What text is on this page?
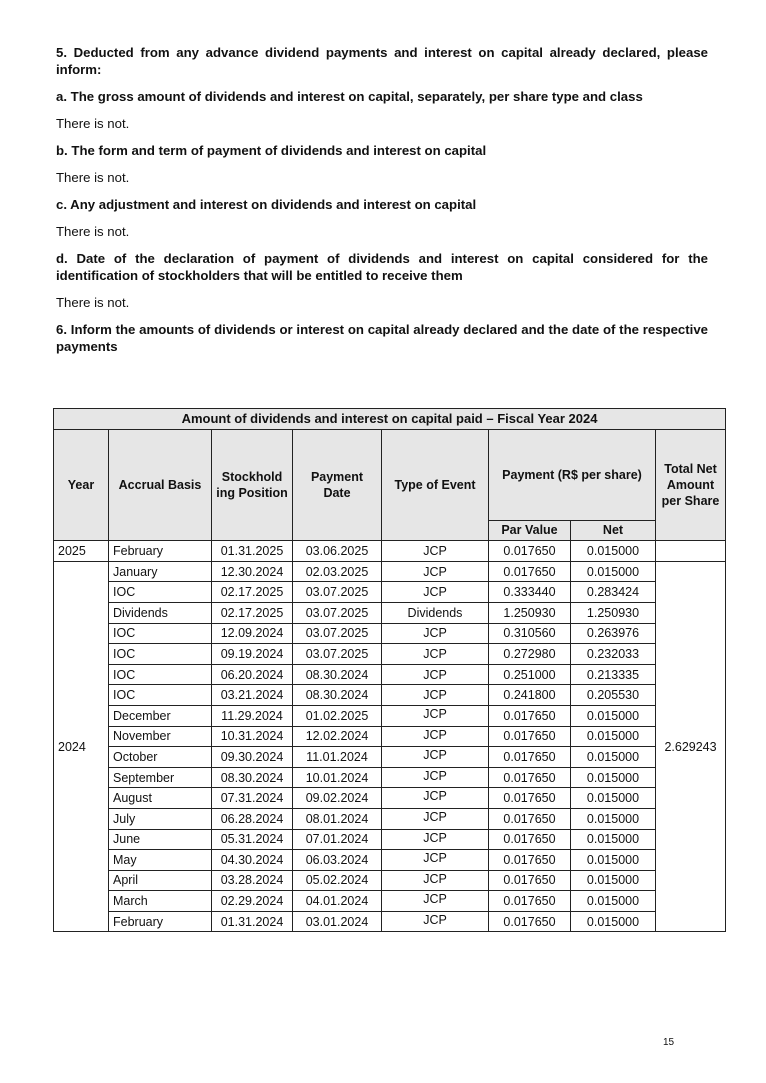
5. Deducted from any advance dividend payments and interest on capital already declared, please inform:

a. The gross amount of dividends and interest on capital, separately, per share type and class

There is not.

b. The form and term of payment of dividends and interest on capital

There is not.

c. Any adjustment and interest on dividends and interest on capital

There is not.

d. Date of the declaration of payment of dividends and interest on capital considered for the identification of stockholders that will be entitled to receive them

There is not.

6. Inform the amounts of dividends or interest on capital already declared and the date of the respective payments

Amount of dividends and interest on capital paid – Fiscal Year 2024							
Year	Accrual Basis	Stockhold ing Position	Payment Date	Type of Event	Payment (R$ per share)		Total Net Amount per Share
					Par Value	Net	
2025	February	01.31.2025	03.06.2025	JCP	0.017650	0.015000	
2024	January	12.30.2024	02.03.2025	JCP	0.017650	0.015000	2.629243
	IOC	02.17.2025	03.07.2025	JCP	0.333440	0.283424	
	Dividends	02.17.2025	03.07.2025	Dividends	1.250930	1.250930	
	IOC	12.09.2024	03.07.2025	JCP	0.310560	0.263976	
	IOC	09.19.2024	03.07.2025	JCP	0.272980	0.232033	
	IOC	06.20.2024	08.30.2024	JCP	0.251000	0.213335	
	IOC	03.21.2024	08.30.2024	JCP	0.241800	0.205530	
	December	11.29.2024	01.02.2025	JCP	0.017650	0.015000	
	November	10.31.2024	12.02.2024	JCP	0.017650	0.015000	
	October	09.30.2024	11.01.2024	JCP	0.017650	0.015000	
	September	08.30.2024	10.01.2024	JCP	0.017650	0.015000	
	August	07.31.2024	09.02.2024	JCP	0.017650	0.015000	
	July	06.28.2024	08.01.2024	JCP	0.017650	0.015000	
	June	05.31.2024	07.01.2024	JCP	0.017650	0.015000	
	May	04.30.2024	06.03.2024	JCP	0.017650	0.015000	
	April	03.28.2024	05.02.2024	JCP	0.017650	0.015000	
	March	02.29.2024	04.01.2024	JCP	0.017650	0.015000	
	February	01.31.2024	03.01.2024	JCP	0.017650	0.015000	
15
